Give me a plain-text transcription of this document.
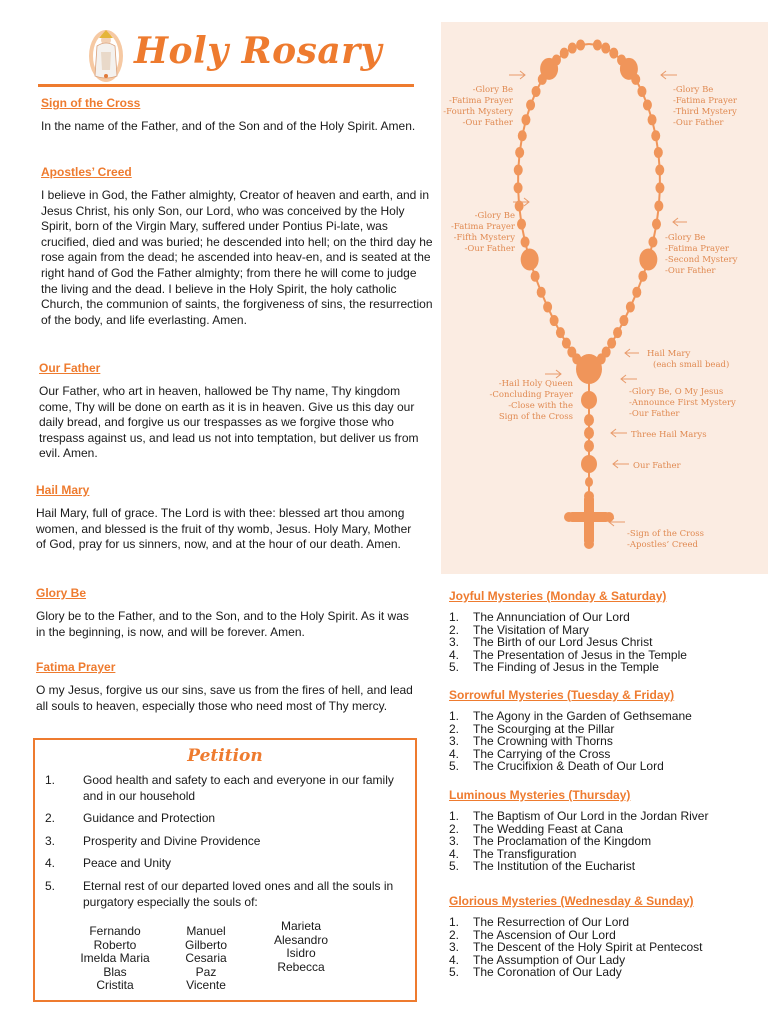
Holy Rosary
Sign of the Cross

In the name of the Father, and of the Son and of the Holy Spirit. Amen.

Apostles’ Creed

I believe in God, the Father almighty, Creator of heaven and earth, and in Jesus Christ, his only Son, our Lord, who was conceived by the Holy Spirit, born of the Virgin Mary, suffered under Pontius Pi-late, was crucified, died and was buried; he descended into hell; on the third day he rose again from the dead; he ascended into heav-en, and is seated at the right hand of God the Father almighty; from there he will come to judge the living and the dead. I believe in the Holy Spirit, the holy catholic Church, the communion of saints, the forgiveness of sins, the resurrection of the body, and life everlasting. Amen.

Our Father

Our Father, who art in heaven, hallowed be Thy name, Thy kingdom come, Thy will be done on earth as it is in heaven. Give us this day our daily bread, and forgive us our trespasses as we forgive those who trespass against us, and lead us not into temptation, but deliver us from evil. Amen.

Hail Mary

Hail Mary, full of grace. The Lord is with thee: blessed art thou among women, and blessed is the fruit of thy womb, Jesus. Holy Mary, Mother of God, pray for us sinners, now, and at the hour of our death. Amen.

Glory Be

Glory be to the Father, and to the Son, and to the Holy Spirit. As it was in the beginning, is now, and will be forever. Amen.

Fatima Prayer

O my Jesus, forgive us our sins, save us from the fires of hell, and lead all souls to heaven, especially those who need most of Thy mercy.

Petition
1. Good health and safety to each and everyone in our family and in our household
2. Guidance and Protection
3. Prosperity and Divine Providence
4. Peace and Unity
5. Eternal rest of our departed loved ones and all the souls in purgatory especially the souls of:
Fernando
Roberto
Imelda Maria
Blas
Cristita
Manuel
Gilberto
Cesaria
Paz
Vicente
Marieta
Alesandro
Isidro
Rebecca
-Glory Be -Fatima Prayer -Fourth Mystery -Our Father
-Glory Be -Fatima Prayer -Third Mystery -Our Father
-Glory Be -Fatima Prayer -Fifth Mystery -Our Father
-Glory Be -Fatima Prayer -Second Mystery -Our Father
Hail Mary (each small bead)
-Hail Holy Queen -Concluding Prayer -Close with the Sign of the Cross
-Glory Be, O My Jesus -Announce First Mystery -Our Father
Three Hail Marys
Our Father
-Sign of the Cross -Apostles’ Creed
Joyful Mysteries (Monday & Saturday)
1. The Annunciation of Our Lord
2. The Visitation of Mary
3. The Birth of our Lord Jesus Christ
4. The Presentation of Jesus in the Temple
5. The Finding of Jesus in the Temple
Sorrowful Mysteries (Tuesday & Friday)
1. The Agony in the Garden of Gethsemane
2. The Scourging at the Pillar
3. The Crowning with Thorns
4. The Carrying of the Cross
5. The Crucifixion & Death of Our Lord
Luminous Mysteries (Thursday)
1. The Baptism of Our Lord in the Jordan River
2. The Wedding Feast at Cana
3. The Proclamation of the Kingdom
4. The Transfiguration
5. The Institution of the Eucharist
Glorious Mysteries (Wednesday & Sunday)
1. The Resurrection of Our Lord
2. The Ascension of Our Lord
3. The Descent of the Holy Spirit at Pentecost
4. The Assumption of Our Lady
5. The Coronation of Our Lady
